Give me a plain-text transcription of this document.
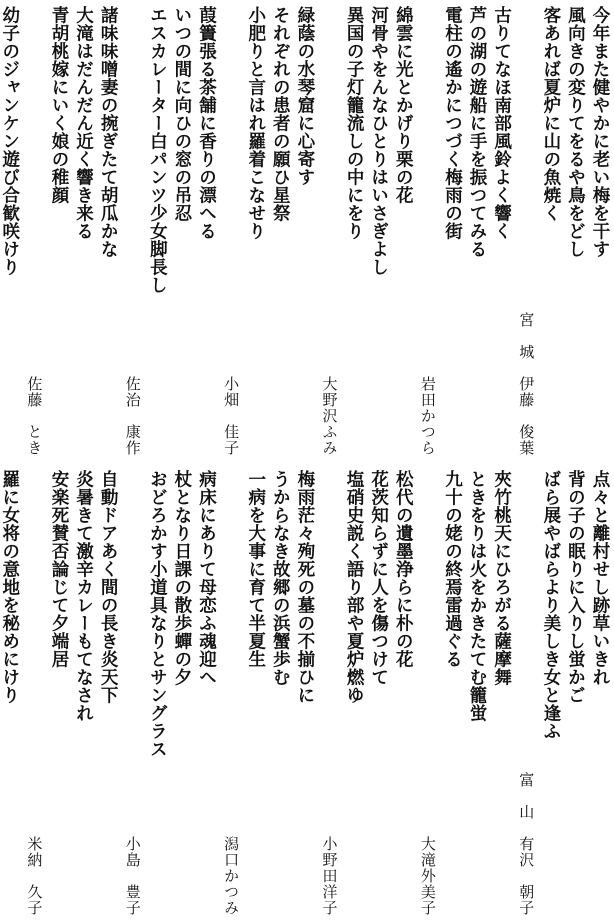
今年また健やかに老い梅を干す
風向きの変りてをるや鳥をどし
客あれば夏炉に山の魚焼く
宮　城　伊藤　俊葉
古りてなほ南部風鈴よく響く
芦の湖の遊船に手を振つてみる
電柱の遙かにつづく梅雨の街
岩田かつら
綿雲に光とかげり栗の花
河骨やをんなひとりはいさぎよし
異国の子灯籠流しの中にをり
大野沢ふみ
緑蔭の水琴窟に心寄す
それぞれの患者の願ひ星祭
小肥りと言はれ羅着こなせり
小畑　佳子
葭簀張る茶舗に香りの漂へる
いつの間に向ひの窓の吊忍
エスカレーター白パンツ少女脚長し
佐治　康作
諸味味噌妻の捥ぎたて胡瓜かな
大滝はだんだん近く響き来る
青胡桃嫁にいく娘の稚顔
佐藤　とき
幼子のジャンケン遊び合歓咲けり
点々と離村せし跡草いきれ
背の子の眠りに入りし蛍かご
ばら展やばらより美しき女と逢ふ
富　山　有沢　朝子
夾竹桃天にひろがる薩摩舞
ときをりは火をかきたてむ籠蛍
九十の姥の終焉雷過ぐる
大滝外美子
松代の遺墨浄らに朴の花
花茨知らずに人を傷つけて
塩硝史説く語り部や夏炉燃ゆ
小野田洋子
梅雨茫々殉死の墓の不揃ひに
うからなき故郷の浜蟹歩む
一病を大事に育て半夏生
潟口かつみ
病床にありて母恋ふ魂迎へ
杖となり日課の散歩蟬の夕
おどろかす小道具なりとサングラス
小島　豊子
自動ドアあく間の長き炎天下
炎暑きて激辛カレーもてなされ
安楽死賛否論じて夕端居
米納　久子
羅に女将の意地を秘めにけり
